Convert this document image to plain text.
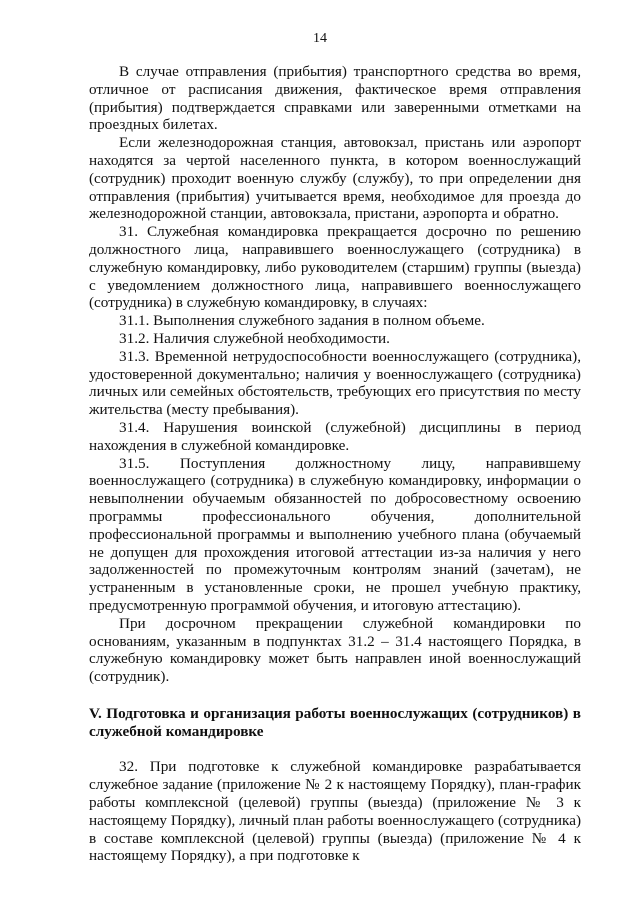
14

В случае отправления (прибытия) транспортного средства во время, отличное от расписания движения, фактическое время отправления (прибытия) подтверждается справками или заверенными отметками на проездных билетах.

Если железнодорожная станция, автовокзал, пристань или аэропорт находятся за чертой населенного пункта, в котором военнослужащий (сотрудник) проходит военную службу (службу), то при определении дня отправления (прибытия) учитывается время, необходимое для проезда до железнодорожной станции, автовокзала, пристани, аэропорта и обратно.

31. Служебная командировка прекращается досрочно по решению должностного лица, направившего военнослужащего (сотрудника) в служебную командировку, либо руководителем (старшим) группы (выезда) с уведомлением должностного лица, направившего военнослужащего (сотрудника) в служебную командировку, в случаях:

31.1. Выполнения служебного задания в полном объеме.

31.2. Наличия служебной необходимости.

31.3. Временной нетрудоспособности военнослужащего (сотрудника), удостоверенной документально; наличия у военнослужащего (сотрудника) личных или семейных обстоятельств, требующих его присутствия по месту жительства (месту пребывания).

31.4. Нарушения воинской (служебной) дисциплины в период нахождения в служебной командировке.

31.5. Поступления должностному лицу, направившему военнослужащего (сотрудника) в служебную командировку, информации о невыполнении обучаемым обязанностей по добросовестному освоению программы профессионального обучения, дополнительной профессиональной программы и выполнению учебного плана (обучаемый не допущен для прохождения итоговой аттестации из-за наличия у него задолженностей по промежуточным контролям знаний (зачетам), не устраненным в установленные сроки, не прошел учебную практику, предусмотренную программой обучения, и итоговую аттестацию).

При досрочном прекращении служебной командировки по основаниям, указанным в подпунктах 31.2 – 31.4 настоящего Порядка, в служебную командировку может быть направлен иной военнослужащий (сотрудник).

V. Подготовка и организация работы военнослужащих (сотрудников) в служебной командировке

32. При подготовке к служебной командировке разрабатывается служебное задание (приложение № 2 к настоящему Порядку), план-график работы комплексной (целевой) группы (выезда) (приложение № 3 к настоящему Порядку), личный план работы военнослужащего (сотрудника) в составе комплексной (целевой) группы (выезда) (приложение № 4 к настоящему Порядку), а при подготовке к
